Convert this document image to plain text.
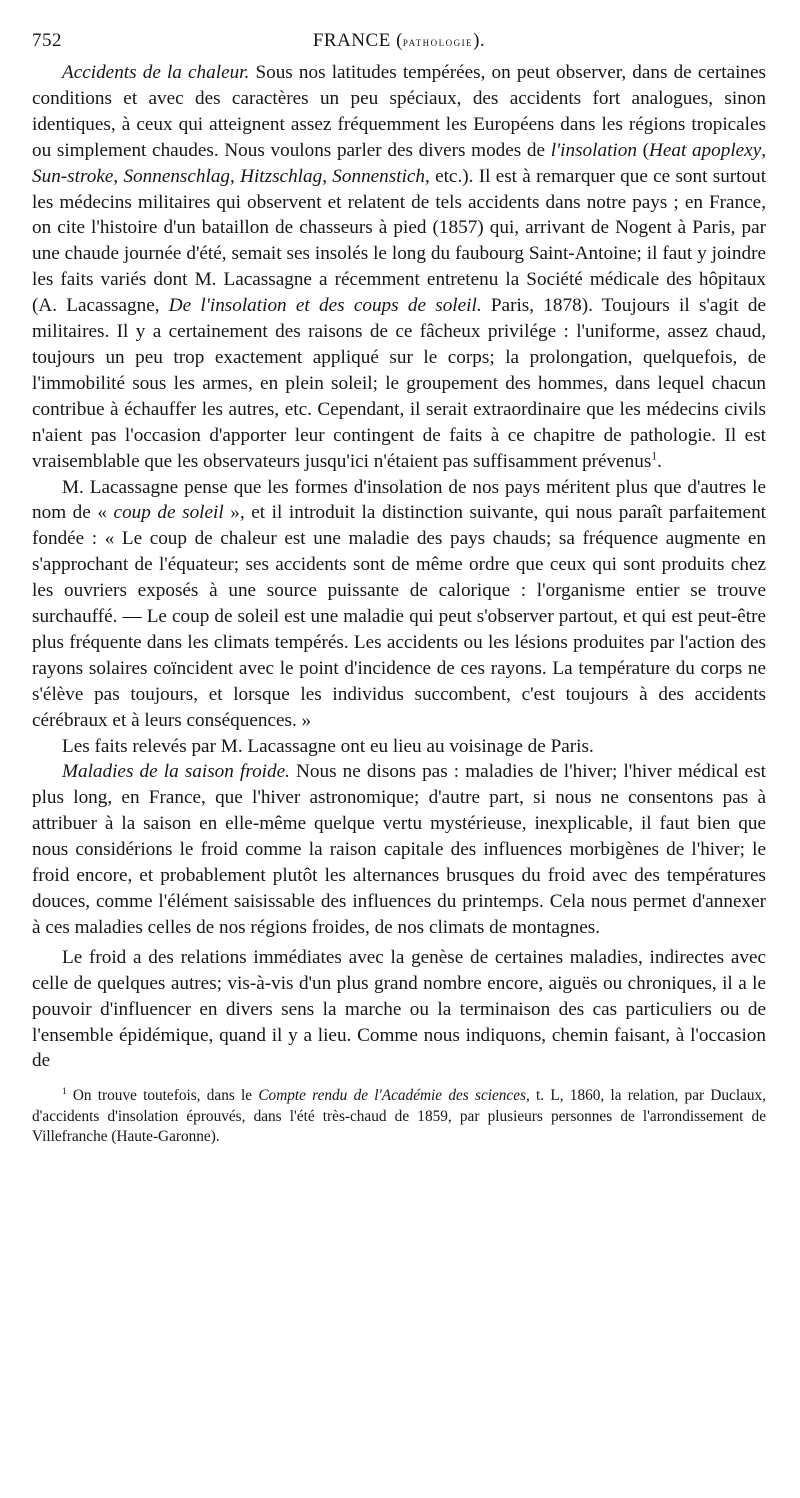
752	FRANCE (pathologie).

Accidents de la chaleur. Sous nos latitudes tempérées, on peut observer, dans de certaines conditions et avec des caractères un peu spéciaux, des accidents fort analogues, sinon identiques, à ceux qui atteignent assez fréquemment les Européens dans les régions tropicales ou simplement chaudes. Nous voulons parler des divers modes de l'insolation (Heat apoplexy, Sun-stroke, Sonnenschlag, Hitzschlag, Sonnenstich, etc.). Il est à remarquer que ce sont surtout les médecins militaires qui observent et relatent de tels accidents dans notre pays ; en France, on cite l'histoire d'un bataillon de chasseurs à pied (1857) qui, arrivant de Nogent à Paris, par une chaude journée d'été, semait ses insolés le long du faubourg Saint-Antoine; il faut y joindre les faits variés dont M. Lacassagne a récemment entretenu la Société médicale des hôpitaux (A. Lacassagne, De l'insolation et des coups de soleil. Paris, 1878). Toujours il s'agit de militaires. Il y a certainement des raisons de ce fâcheux privilége : l'uniforme, assez chaud, toujours un peu trop exactement appliqué sur le corps; la prolongation, quelquefois, de l'immobilité sous les armes, en plein soleil; le groupement des hommes, dans lequel chacun contribue à échauffer les autres, etc. Cependant, il serait extraordinaire que les médecins civils n'aient pas l'occasion d'apporter leur contingent de faits à ce chapitre de pathologie. Il est vraisemblable que les observateurs jusqu'ici n'étaient pas suffisamment prévenus$^1$.

M. Lacassagne pense que les formes d'insolation de nos pays méritent plus que d'autres le nom de « coup de soleil », et il introduit la distinction suivante, qui nous paraît parfaitement fondée : « Le coup de chaleur est une maladie des pays chauds; sa fréquence augmente en s'approchant de l'équateur; ses accidents sont de même ordre que ceux qui sont produits chez les ouvriers exposés à une source puissante de calorique : l'organisme entier se trouve surchauffé. — Le coup de soleil est une maladie qui peut s'observer partout, et qui est peut-être plus fréquente dans les climats tempérés. Les accidents ou les lésions produites par l'action des rayons solaires coïncident avec le point d'incidence de ces rayons. La température du corps ne s'élève pas toujours, et lorsque les individus succombent, c'est toujours à des accidents cérébraux et à leurs conséquences. »

Les faits relevés par M. Lacassagne ont eu lieu au voisinage de Paris.

Maladies de la saison froide. Nous ne disons pas : maladies de l'hiver; l'hiver médical est plus long, en France, que l'hiver astronomique; d'autre part, si nous ne consentons pas à attribuer à la saison en elle-même quelque vertu mystérieuse, inexplicable, il faut bien que nous considérions le froid comme la raison capitale des influences morbigènes de l'hiver; le froid encore, et probablement plutôt les alternances brusques du froid avec des températures douces, comme l'élément saisissable des influences du printemps. Cela nous permet d'annexer à ces maladies celles de nos régions froides, de nos climats de montagnes.

Le froid a des relations immédiates avec la genèse de certaines maladies, indirectes avec celle de quelques autres; vis-à-vis d'un plus grand nombre encore, aiguës ou chroniques, il a le pouvoir d'influencer en divers sens la marche ou la terminaison des cas particuliers ou de l'ensemble épidémique, quand il y a lieu. Comme nous indiquons, chemin faisant, à l'occasion de

$^1$ On trouve toutefois, dans le Compte rendu de l'Académie des sciences, t. L, 1860, la relation, par Duclaux, d'accidents d'insolation éprouvés, dans l'été très-chaud de 1859, par plusieurs personnes de l'arrondissement de Villefranche (Haute-Garonne).
